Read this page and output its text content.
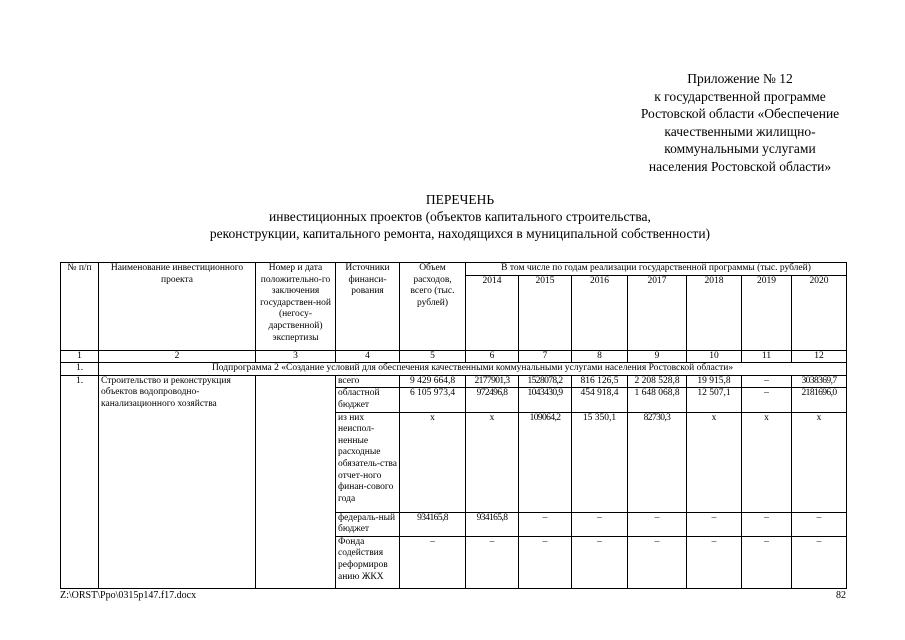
Приложение № 12
к государственной программе
Ростовской области «Обеспечение
качественными жилищно-
коммунальными услугами
населения Ростовской области»
ПЕРЕЧЕНЬ
инвестиционных проектов (объектов капитального строительства,
реконструкции, капитального ремонта, находящихся в муниципальной собственности)
№ п/п	Наименование инвестиционного проекта	Номер и дата положительно-го заключения государствен-ной (негосу-дарственной) экспертизы	Источники финанси-рования	Объем расходов, всего (тыс. рублей)	В том числе по годам реализации государственной программы (тыс. рублей)						
					2014	2015	2016	2017	2018	2019	2020
1	2	3	4	5	6	7	8	9	10	11	12
1.	Подпрограмма 2 «Создание условий для обеспечения качественными коммунальными услугами населения Ростовской области»										
1.	Строительство и реконструкция объектов водопроводно-канализационного хозяйства		всего	9 429 664,8	2177901,3	1528078,2	816 126,5	2 208 528,8	19 915,8	–	3038369,7
			областной бюджет	6 105 973,4	972496,8	1043430,9	454 918,4	1 648 068,8	12 507,1	–	2181696,0
			из них неиспол-ненные расходные обязатель-ства отчет-ного финан-сового года	х	х	109064,2	15 350,1	82730,3	х	х	х
			федераль-ный бюджет	934165,8	934165,8	–	–	–	–	–	–
			Фонда содействия реформиров анию ЖКХ	–	–	–	–	–	–	–	–
Z:\ORST\Ppo\0315p147.f17.docx	82
